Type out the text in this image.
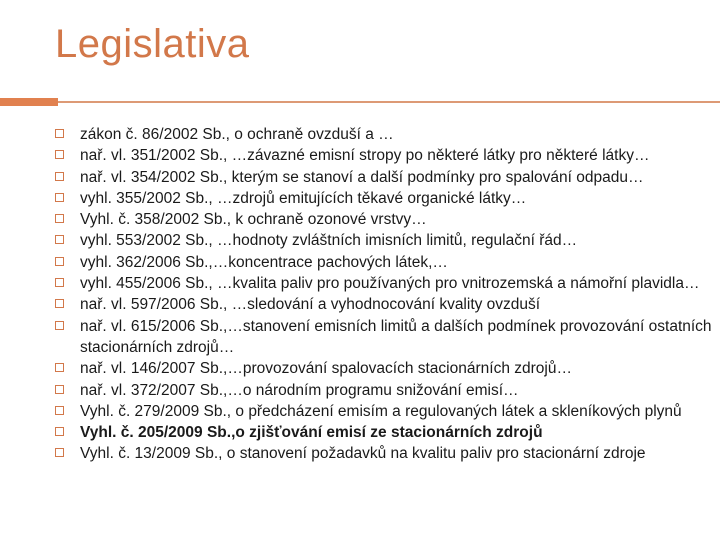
Legislativa
zákon č. 86/2002 Sb., o ochraně ovzduší a …
nař. vl. 351/2002 Sb., …závazné emisní stropy po některé látky pro některé látky…
nař. vl. 354/2002 Sb., kterým se stanoví a další podmínky pro spalování odpadu…
vyhl. 355/2002 Sb., …zdrojů emitujících těkavé organické látky…
Vyhl. č. 358/2002 Sb., k ochraně ozonové vrstvy…
vyhl. 553/2002 Sb., …hodnoty zvláštních imisních limitů, regulační řád…
vyhl. 362/2006 Sb.,…koncentrace pachových látek,…
vyhl. 455/2006 Sb., …kvalita paliv pro používaných pro vnitrozemská a námořní plavidla…
nař. vl. 597/2006 Sb., …sledování a vyhodnocování kvality ovzduší
nař. vl. 615/2006 Sb.,…stanovení emisních limitů a dalších podmínek provozování ostatních stacionárních zdrojů…
nař. vl. 146/2007 Sb.,…provozování spalovacích stacionárních zdrojů…
nař. vl. 372/2007 Sb.,…o národním programu snižování emisí…
Vyhl. č. 279/2009 Sb., o předcházení emisím a regulovaných látek a skleníkových plynů
Vyhl. č. 205/2009 Sb.,o zjišťování emisí ze stacionárních zdrojů
Vyhl. č. 13/2009 Sb., o stanovení požadavků na kvalitu paliv pro stacionární zdroje
